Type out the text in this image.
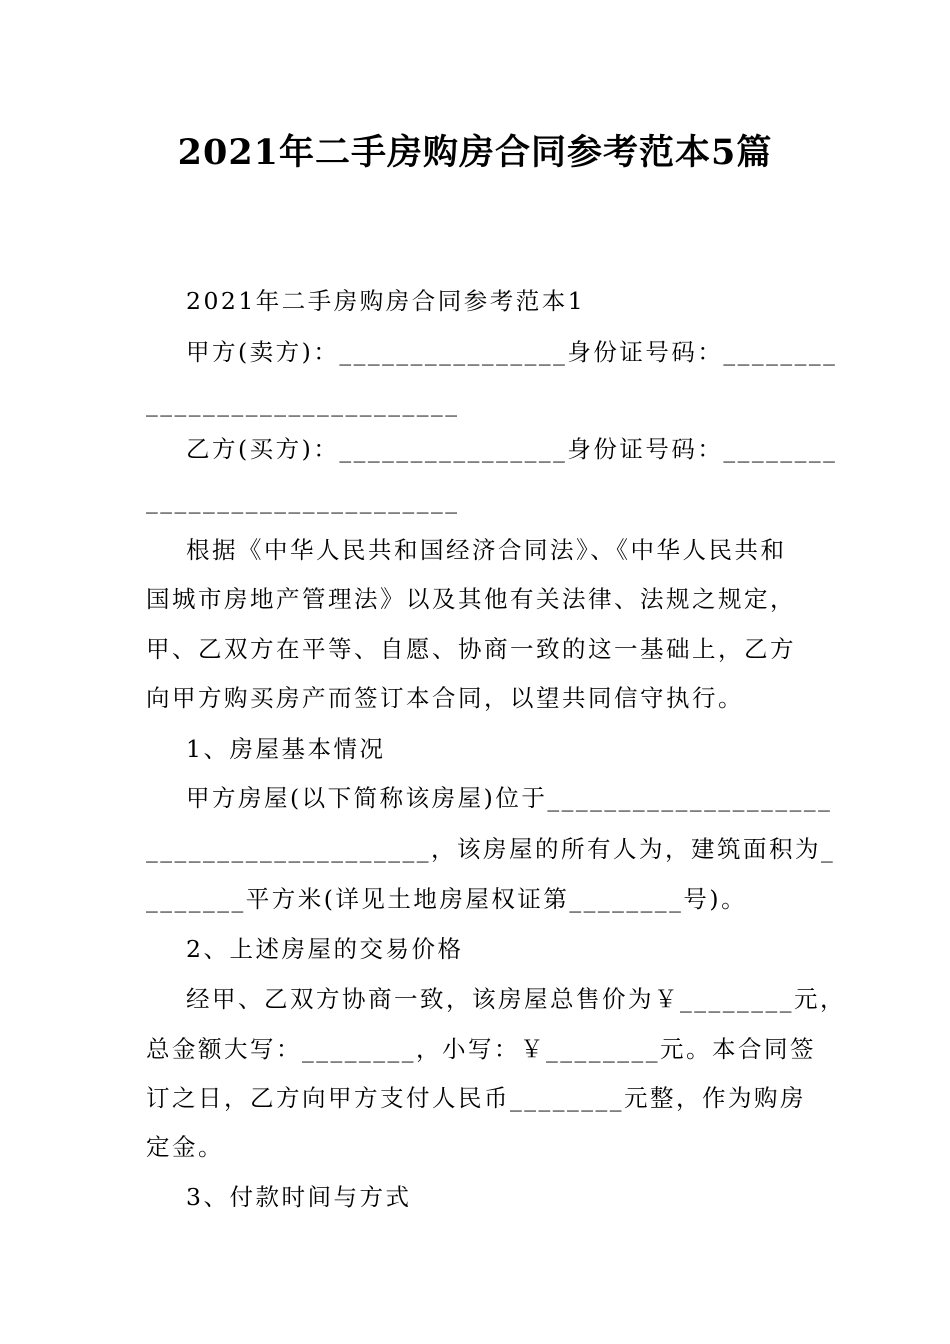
2021年二手房购房合同参考范本5篇
2021年二手房购房合同参考范本1
甲方(卖方)：________________身份证号码：________
______________________
乙方(买方)：________________身份证号码：________
______________________
根据《中华人民共和国经济合同法》、《中华人民共和
国城市房地产管理法》以及其他有关法律、法规之规定，
甲、乙双方在平等、自愿、协商一致的这一基础上，乙方
向甲方购买房产而签订本合同，以望共同信守执行。
1、房屋基本情况
甲方房屋(以下简称该房屋)位于____________________
____________________，该房屋的所有人为，建筑面积为_
_______平方米(详见土地房屋权证第________号)。
2、上述房屋的交易价格
经甲、乙双方协商一致，该房屋总售价为￥________元，
总金额大写：________，小写：￥________元。本合同签
订之日，乙方向甲方支付人民币________元整，作为购房
定金。
3、付款时间与方式
